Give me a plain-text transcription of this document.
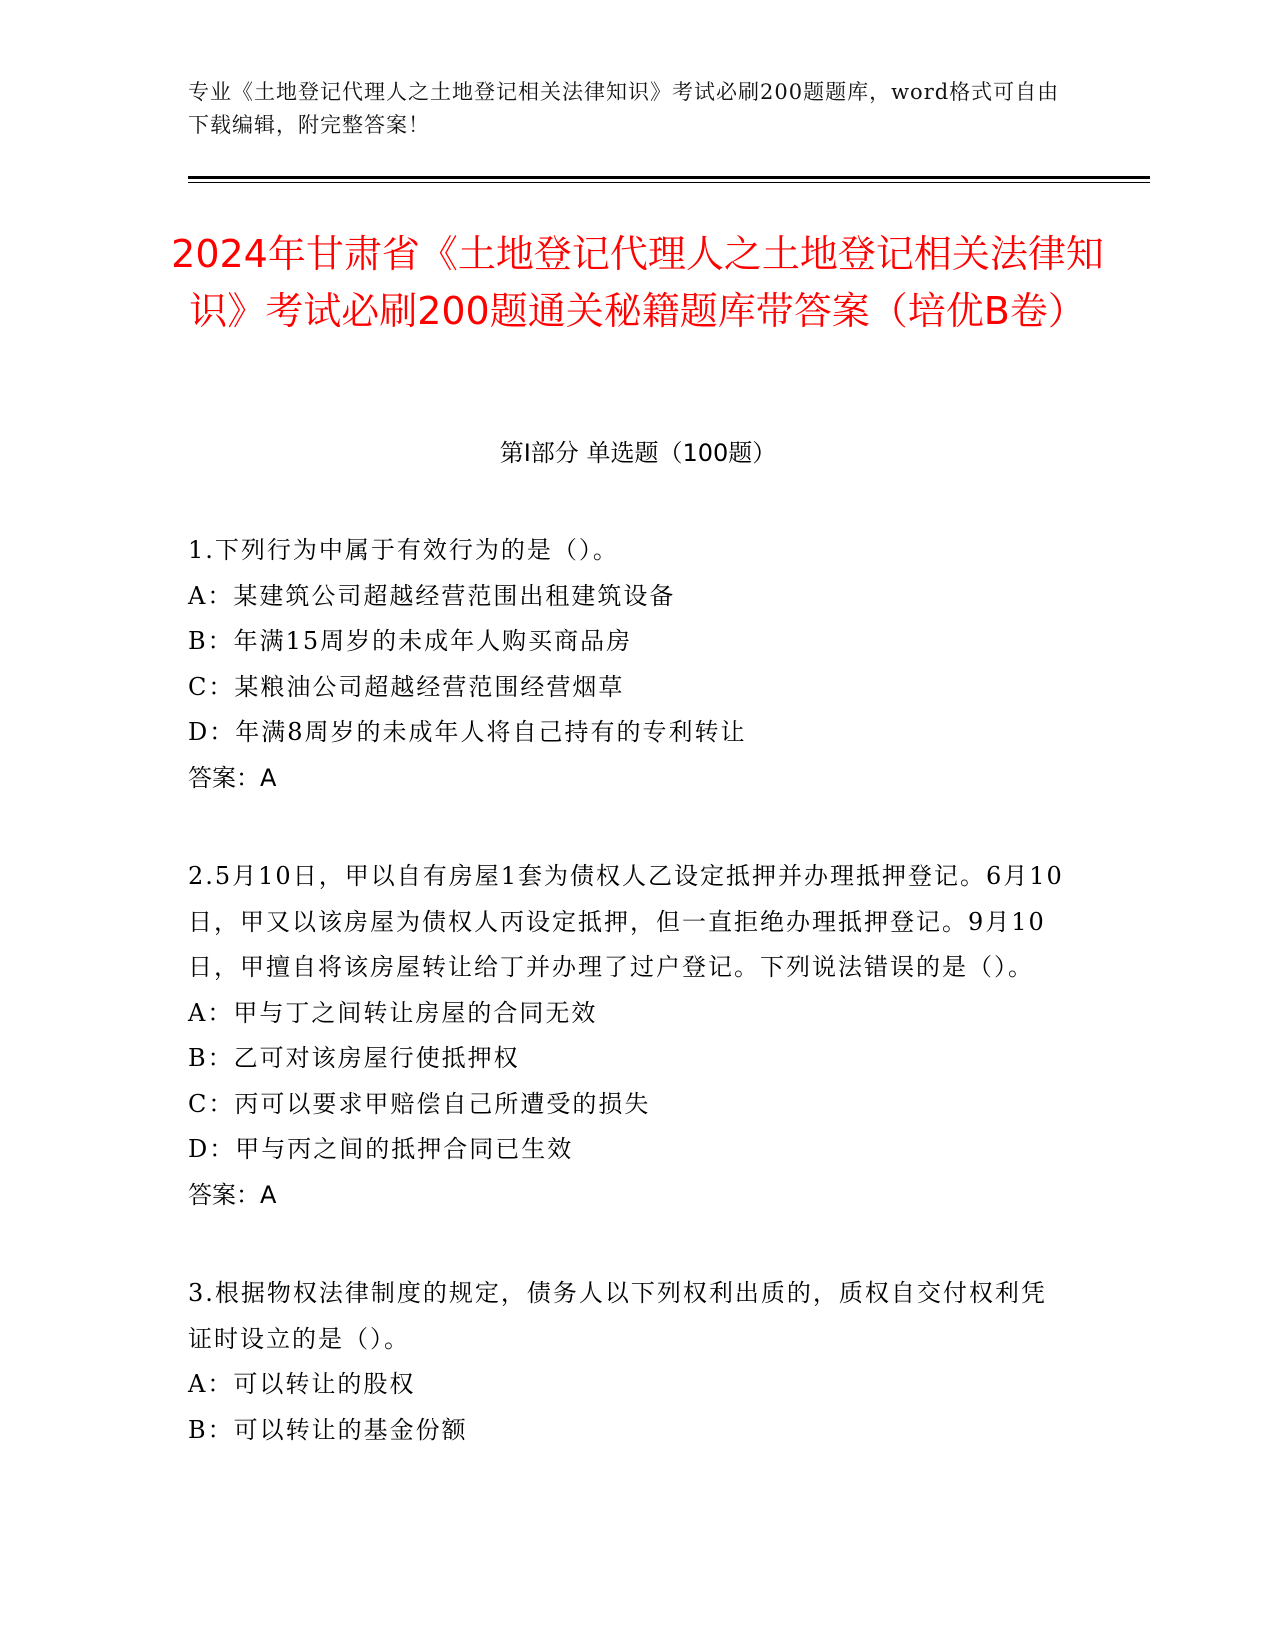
专业《土地登记代理人之土地登记相关法律知识》考试必刷200题题库，word格式可自由下载编辑，附完整答案！
2024年甘肃省《土地登记代理人之土地登记相关法律知识》考试必刷200题通关秘籍题库带答案（培优B卷）
第I部分 单选题（100题）

1.下列行为中属于有效行为的是（）。

A：某建筑公司超越经营范围出租建筑设备

B：年满15周岁的未成年人购买商品房

C：某粮油公司超越经营范围经营烟草

D：年满8周岁的未成年人将自己持有的专利转让

答案：A

2.5月10日，甲以自有房屋1套为债权人乙设定抵押并办理抵押登记。6月10日，甲又以该房屋为债权人丙设定抵押，但一直拒绝办理抵押登记。9月10日，甲擅自将该房屋转让给丁并办理了过户登记。下列说法错误的是（）。

A：甲与丁之间转让房屋的合同无效

B：乙可对该房屋行使抵押权

C：丙可以要求甲赔偿自己所遭受的损失

D：甲与丙之间的抵押合同已生效

答案：A

3.根据物权法律制度的规定，债务人以下列权利出质的，质权自交付权利凭证时设立的是（）。

A：可以转让的股权

B：可以转让的基金份额
